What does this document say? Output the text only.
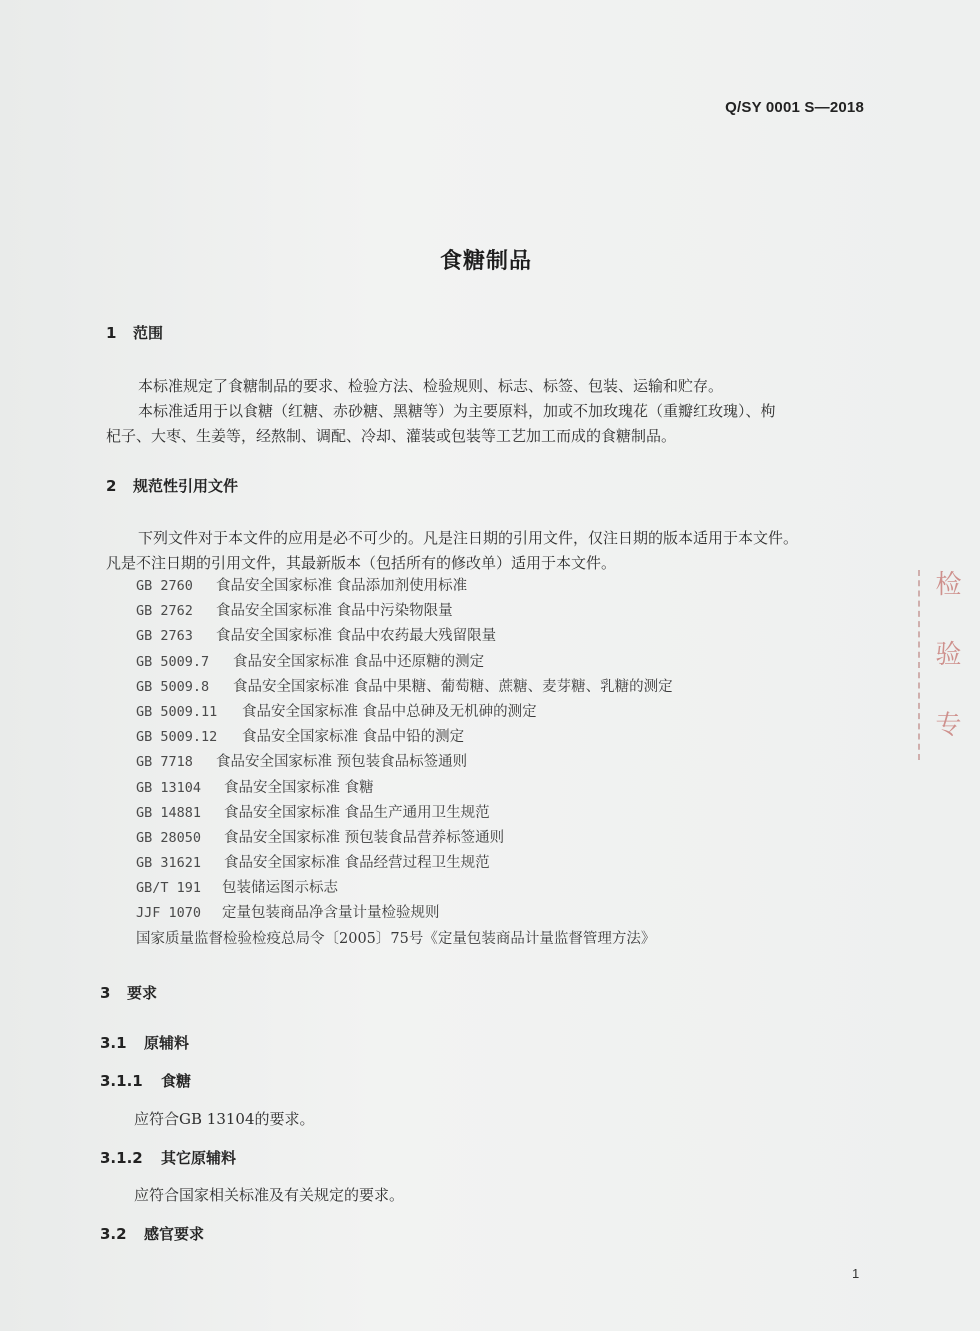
Q/SY 0001 S—2018
食糖制品
1 范围
本标准规定了食糖制品的要求、检验方法、检验规则、标志、标签、包装、运输和贮存。
本标准适用于以食糖（红糖、赤砂糖、黑糖等）为主要原料，加或不加玫瑰花（重瓣红玫瑰）、枸
杞子、大枣、生姜等，经熬制、调配、冷却、灌装或包装等工艺加工而成的食糖制品。
2 规范性引用文件
下列文件对于本文件的应用是必不可少的。凡是注日期的引用文件，仅注日期的版本适用于本文件。
凡是不注日期的引用文件，其最新版本（包括所有的修改单）适用于本文件。
GB 2760 食品安全国家标准 食品添加剂使用标准
GB 2762 食品安全国家标准 食品中污染物限量
GB 2763 食品安全国家标准 食品中农药最大残留限量
GB 5009.7 食品安全国家标准 食品中还原糖的测定
GB 5009.8 食品安全国家标准 食品中果糖、葡萄糖、蔗糖、麦芽糖、乳糖的测定
GB 5009.11 食品安全国家标准 食品中总砷及无机砷的测定
GB 5009.12 食品安全国家标准 食品中铅的测定
GB 7718 食品安全国家标准 预包装食品标签通则
GB 13104 食品安全国家标准 食糖
GB 14881 食品安全国家标准 食品生产通用卫生规范
GB 28050 食品安全国家标准 预包装食品营养标签通则
GB 31621 食品安全国家标准 食品经营过程卫生规范
GB/T 191 包装储运图示标志
JJF 1070 定量包装商品净含量计量检验规则
国家质量监督检验检疫总局令〔2005〕75号《定量包装商品计量监督管理方法》
3 要求
3.1 原辅料
3.1.1 食糖
应符合GB 13104的要求。
3.1.2 其它原辅料
应符合国家相关标准及有关规定的要求。
3.2 感官要求
检 验 专
1
